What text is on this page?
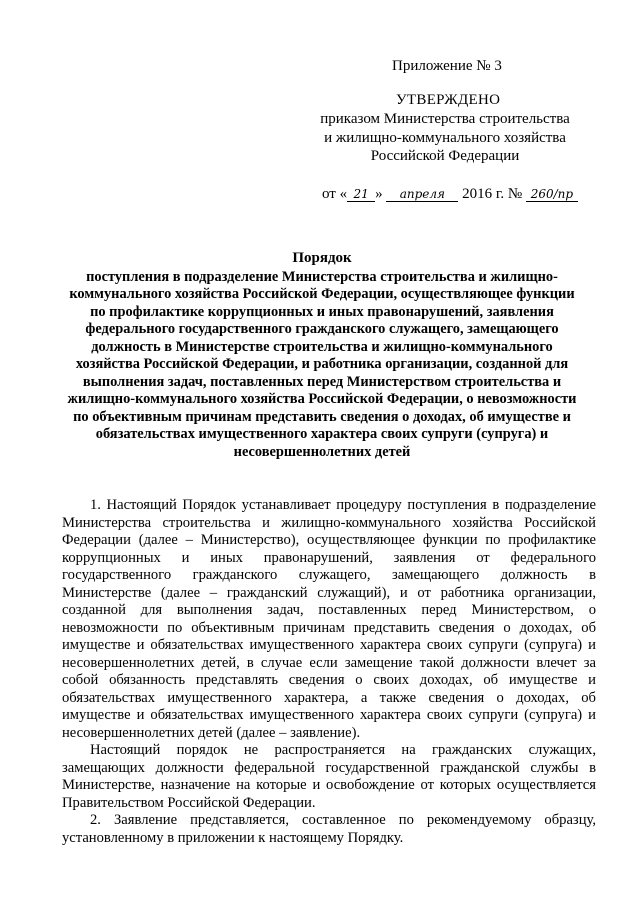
Приложение № 3
УТВЕРЖДЕНО
приказом Министерства строительства
и жилищно-коммунального хозяйства
Российской Федерации
от « 21 » апреля 2016 г. № 260/пр
Порядок
поступления в подразделение Министерства строительства и жилищно-
коммунального хозяйства Российской Федерации, осуществляющее функции
по профилактике коррупционных и иных правонарушений, заявления
федерального государственного гражданского служащего, замещающего
должность в Министерстве строительства и жилищно-коммунального
хозяйства Российской Федерации, и работника организации, созданной для
выполнения задач, поставленных перед Министерством строительства и
жилищно-коммунального хозяйства Российской Федерации, о невозможности
по объективным причинам представить сведения о доходах, об имуществе и
обязательствах имущественного характера своих супруги (супруга) и
несовершеннолетних детей

1. Настоящий Порядок устанавливает процедуру поступления в подразделение Министерства строительства и жилищно-коммунального хозяйства Российской Федерации (далее – Министерство), осуществляющее функции по профилактике коррупционных и иных правонарушений, заявления от федерального государственного гражданского служащего, замещающего должность в Министерстве (далее – гражданский служащий), и от работника организации, созданной для выполнения задач, поставленных перед Министерством, о невозможности по объективным причинам представить сведения о доходах, об имуществе и обязательствах имущественного характера своих супруги (супруга) и несовершеннолетних детей, в случае если замещение такой должности влечет за собой обязанность представлять сведения о своих доходах, об имуществе и обязательствах имущественного характера, а также сведения о доходах, об имуществе и обязательствах имущественного характера своих супруги (супруга) и несовершеннолетних детей (далее – заявление).

Настоящий порядок не распространяется на гражданских служащих, замещающих должности федеральной государственной гражданской службы в Министерстве, назначение на которые и освобождение от которых осуществляется Правительством Российской Федерации.

2. Заявление представляется, составленное по рекомендуемому образцу, установленному в приложении к настоящему Порядку.
